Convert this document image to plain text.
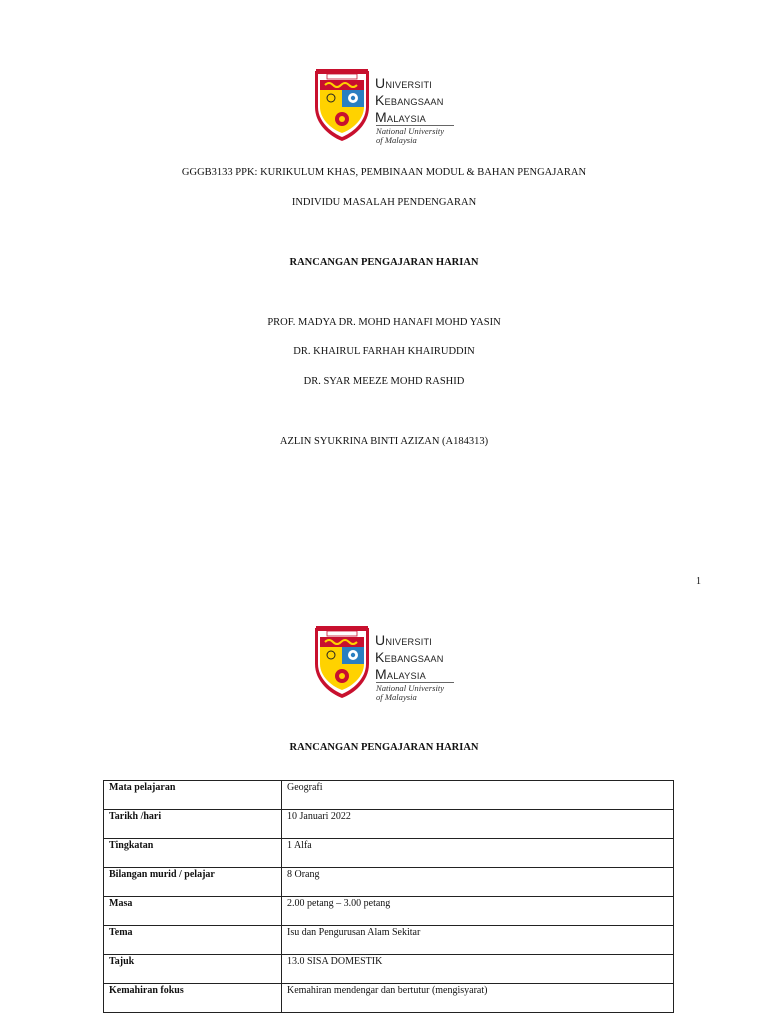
UNIVERSITI
KEBANGSAAN
MALAYSIA
National University
of Malaysia
GGGB3133 PPK: KURIKULUM KHAS, PEMBINAAN MODUL & BAHAN PENGAJARAN
INDIVIDU MASALAH PENDENGARAN
RANCANGAN PENGAJARAN HARIAN
PROF. MADYA DR. MOHD HANAFI MOHD YASIN
DR. KHAIRUL FARHAH KHAIRUDDIN
DR. SYAR MEEZE MOHD RASHID
AZLIN SYUKRINA BINTI AZIZAN (A184313)
1
UNIVERSITI
KEBANGSAAN
MALAYSIA
National University
of Malaysia
RANCANGAN PENGAJARAN HARIAN
Mata pelajaran	Geografi
Tarikh /hari	10 Januari 2022
Tingkatan	1 Alfa
Bilangan murid / pelajar	8 Orang
Masa	2.00 petang – 3.00 petang
Tema	Isu dan Pengurusan Alam Sekitar
Tajuk	13.0 SISA DOMESTIK
Kemahiran fokus	Kemahiran mendengar dan bertutur (mengisyarat)
